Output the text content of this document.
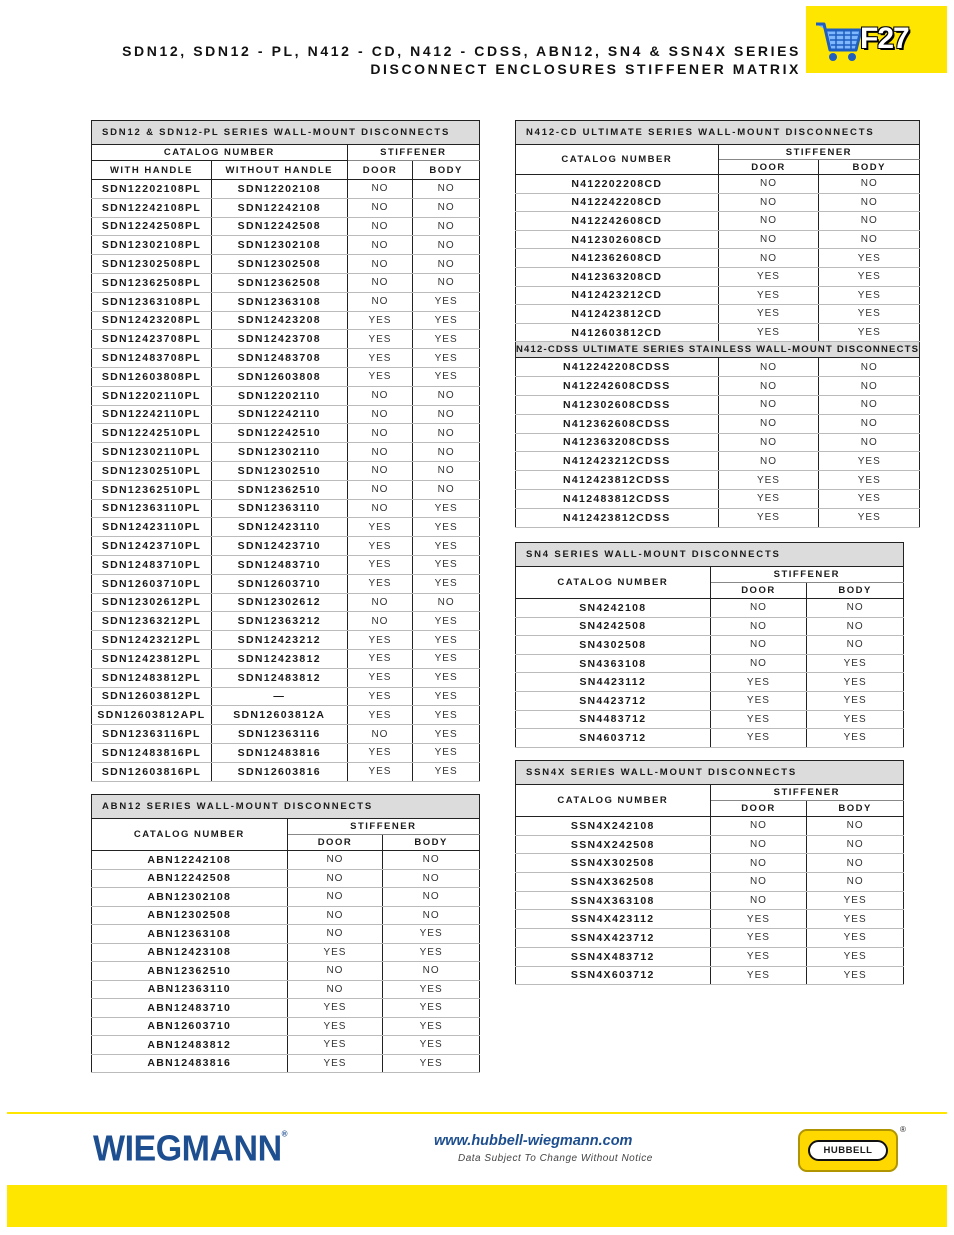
SDN12, SDN12 - PL, N412 - CD, N412 - CDSS, ABN12, SN4 & SSN4X SERIES
DISCONNECT ENCLOSURES STIFFENER MATRIX
F27
SDN12 & SDN12-PL SERIES WALL-MOUNT DISCONNECTS			
CATALOG NUMBER		STIFFENER	
WITH HANDLE	WITHOUT HANDLE	DOOR	BODY
SDN12202108PL	SDN12202108	NO	NO
SDN12242108PL	SDN12242108	NO	NO
SDN12242508PL	SDN12242508	NO	NO
SDN12302108PL	SDN12302108	NO	NO
SDN12302508PL	SDN12302508	NO	NO
SDN12362508PL	SDN12362508	NO	NO
SDN12363108PL	SDN12363108	NO	YES
SDN12423208PL	SDN12423208	YES	YES
SDN12423708PL	SDN12423708	YES	YES
SDN12483708PL	SDN12483708	YES	YES
SDN12603808PL	SDN12603808	YES	YES
SDN12202110PL	SDN12202110	NO	NO
SDN12242110PL	SDN12242110	NO	NO
SDN12242510PL	SDN12242510	NO	NO
SDN12302110PL	SDN12302110	NO	NO
SDN12302510PL	SDN12302510	NO	NO
SDN12362510PL	SDN12362510	NO	NO
SDN12363110PL	SDN12363110	NO	YES
SDN12423110PL	SDN12423110	YES	YES
SDN12423710PL	SDN12423710	YES	YES
SDN12483710PL	SDN12483710	YES	YES
SDN12603710PL	SDN12603710	YES	YES
SDN12302612PL	SDN12302612	NO	NO
SDN12363212PL	SDN12363212	NO	YES
SDN12423212PL	SDN12423212	YES	YES
SDN12423812PL	SDN12423812	YES	YES
SDN12483812PL	SDN12483812	YES	YES
SDN12603812PL	—	YES	YES
SDN12603812APL	SDN12603812A	YES	YES
SDN12363116PL	SDN12363116	NO	YES
SDN12483816PL	SDN12483816	YES	YES
SDN12603816PL	SDN12603816	YES	YES
ABN12 SERIES WALL-MOUNT DISCONNECTS		
CATALOG NUMBER	STIFFENER	
	DOOR	BODY
ABN12242108	NO	NO
ABN12242508	NO	NO
ABN12302108	NO	NO
ABN12302508	NO	NO
ABN12363108	NO	YES
ABN12423108	YES	YES
ABN12362510	NO	NO
ABN12363110	NO	YES
ABN12483710	YES	YES
ABN12603710	YES	YES
ABN12483812	YES	YES
ABN12483816	YES	YES
N412-CD ULTIMATE SERIES WALL-MOUNT DISCONNECTS		
CATALOG NUMBER	STIFFENER	
	DOOR	BODY
N412202208CD	NO	NO
N412242208CD	NO	NO
N412242608CD	NO	NO
N412302608CD	NO	NO
N412362608CD	NO	YES
N412363208CD	YES	YES
N412423212CD	YES	YES
N412423812CD	YES	YES
N412603812CD	YES	YES
N412-CDSS ULTIMATE SERIES STAINLESS WALL-MOUNT DISCONNECTS		
N412242208CDSS	NO	NO
N412242608CDSS	NO	NO
N412302608CDSS	NO	NO
N412362608CDSS	NO	NO
N412363208CDSS	NO	NO
N412423212CDSS	NO	YES
N412423812CDSS	YES	YES
N412483812CDSS	YES	YES
N412423812CDSS	YES	YES
SN4 SERIES WALL-MOUNT DISCONNECTS		
CATALOG NUMBER	STIFFENER	
	DOOR	BODY
SN4242108	NO	NO
SN4242508	NO	NO
SN4302508	NO	NO
SN4363108	NO	YES
SN4423112	YES	YES
SN4423712	YES	YES
SN4483712	YES	YES
SN4603712	YES	YES
SSN4X SERIES WALL-MOUNT DISCONNECTS		
CATALOG NUMBER	STIFFENER	
	DOOR	BODY
SSN4X242108	NO	NO
SSN4X242508	NO	NO
SSN4X302508	NO	NO
SSN4X362508	NO	NO
SSN4X363108	NO	YES
SSN4X423112	YES	YES
SSN4X423712	YES	YES
SSN4X483712	YES	YES
SSN4X603712	YES	YES
WIEGMANN®	www.hubbell-wiegmann.com
Data Subject To Change Without Notice
HUBBELL
®
